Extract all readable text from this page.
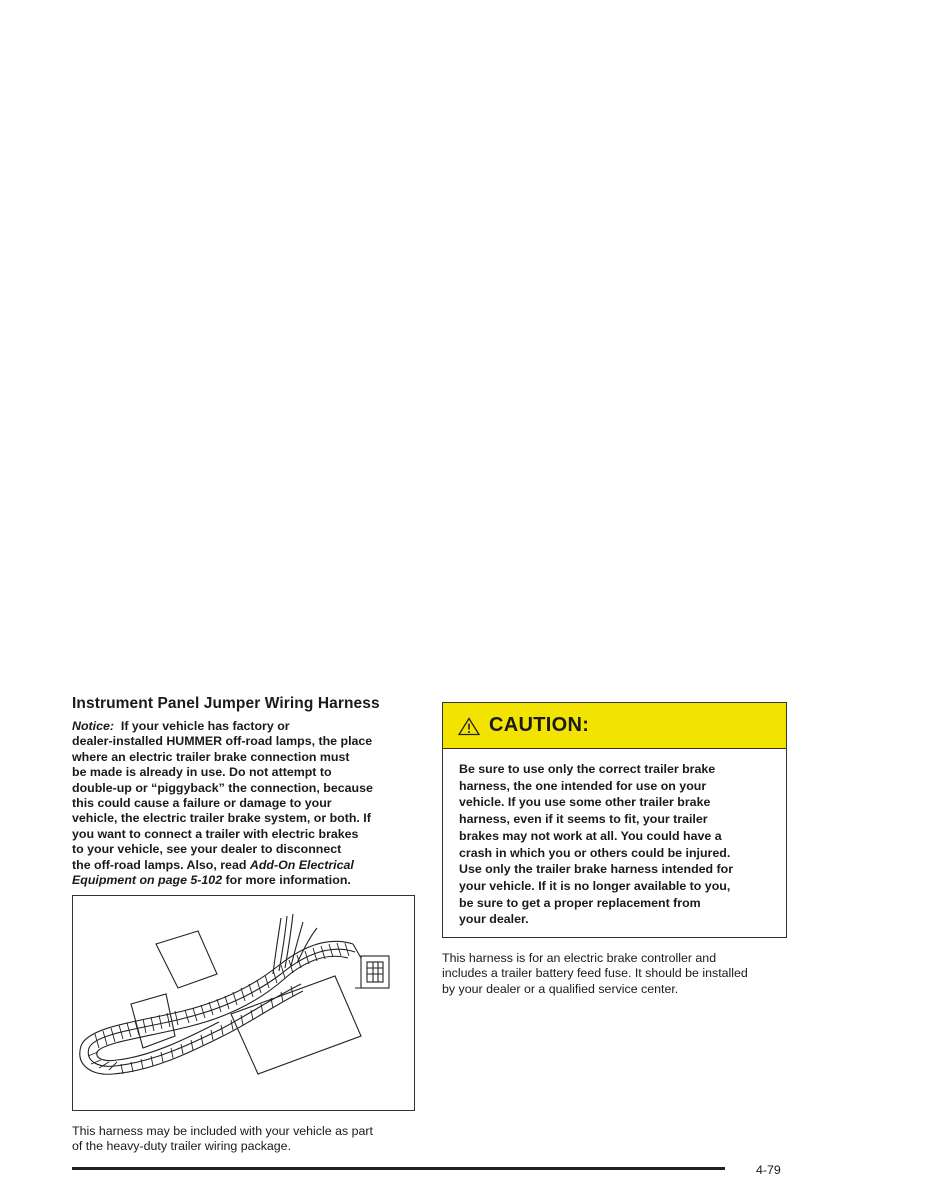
Instrument Panel Jumper Wiring Harness
Notice: If your vehicle has factory or
dealer-installed HUMMER off-road lamps, the place
where an electric trailer brake connection must
be made is already in use. Do not attempt to
double-up or “piggyback” the connection, because
this could cause a failure or damage to your
vehicle, the electric trailer brake system, or both. If
you want to connect a trailer with electric brakes
to your vehicle, see your dealer to disconnect
the off-road lamps. Also, read Add-On Electrical
Equipment on page 5-102 for more information.
This harness may be included with your vehicle as part
of the heavy-duty trailer wiring package.
CAUTION:
Be sure to use only the correct trailer brake
harness, the one intended for use on your
vehicle. If you use some other trailer brake
harness, even if it seems to fit, your trailer
brakes may not work at all. You could have a
crash in which you or others could be injured.
Use only the trailer brake harness intended for
your vehicle. If it is no longer available to you,
be sure to get a proper replacement from
your dealer.
This harness is for an electric brake controller and
includes a trailer battery feed fuse. It should be installed
by your dealer or a qualified service center.
4-79
